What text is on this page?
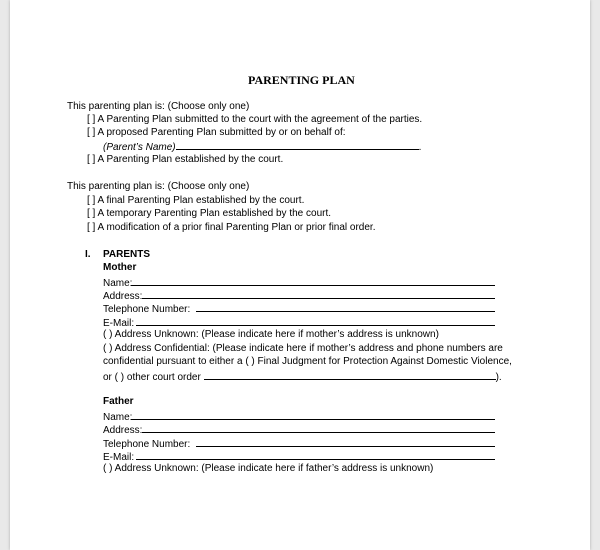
PARENTING PLAN
This parenting plan is: (Choose only one)
[ ] A Parenting Plan submitted to the court with the agreement of the parties.
[ ] A proposed Parenting Plan submitted by or on behalf of:
(Parent’s Name)	.
[ ] A Parenting Plan established by the court.
This parenting plan is: (Choose only one)
[ ] A final Parenting Plan established by the court.
[ ] A temporary Parenting Plan established by the court.
[ ] A modification of a prior final Parenting Plan or prior final order.
I. PARENTS
Mother
Name:
Address:
Telephone Number:
E-Mail:
( ) Address Unknown: (Please indicate here if mother’s address is unknown)
( ) Address Confidential: (Please indicate here if mother’s address and phone numbers are
confidential pursuant to either a ( ) Final Judgment for Protection Against Domestic Violence,
or ( ) other court order	).
Father
Name:
Address:
Telephone Number:
E-Mail:
( ) Address Unknown: (Please indicate here if father’s address is unknown)
